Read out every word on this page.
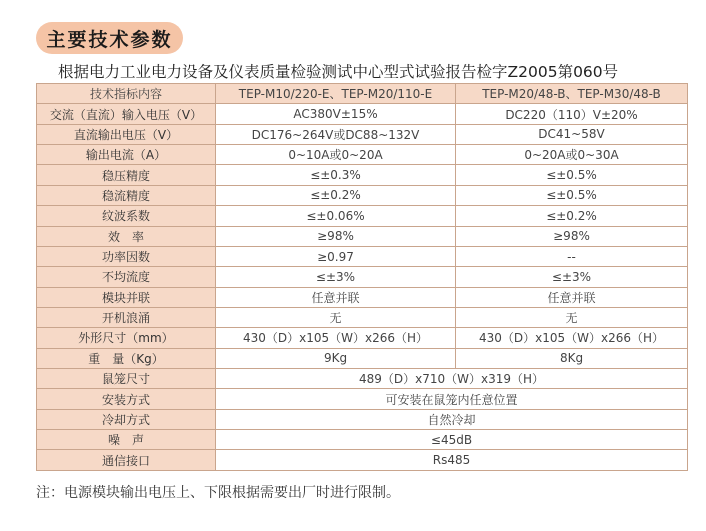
主要技术参数
根据电力工业电力设备及仪表质量检验测试中心型式试验报告检字Z2005第060号
技术指标内容	TEP-M10/220-E、TEP-M20/110-E	TEP-M20/48-B、TEP-M30/48-B
交流（直流）输入电压（V）	AC380V±15%	DC220（110）V±20%
直流输出电压（V）	DC176~264V或DC88~132V	DC41~58V
输出电流（A）	0~10A或0~20A	0~20A或0~30A
稳压精度	≤±0.3%	≤±0.5%
稳流精度	≤±0.2%	≤±0.5%
纹波系数	≤±0.06%	≤±0.2%
效　率	≥98%	≥98%
功率因数	≥0.97	--
不均流度	≤±3%	≤±3%
模块并联	任意并联	任意并联
开机浪涌	无	无
外形尺寸（mm）	430（D）x105（W）x266（H）	430（D）x105（W）x266（H）
重　量（Kg）	9Kg	8Kg
鼠笼尺寸	489（D）x710（W）x319（H）	
安装方式	可安装在鼠笼内任意位置	
冷却方式	自然冷却	
噪　声	≤45dB	
通信接口	Rs485	
注：电源模块输出电压上、下限根据需要出厂时进行限制。
